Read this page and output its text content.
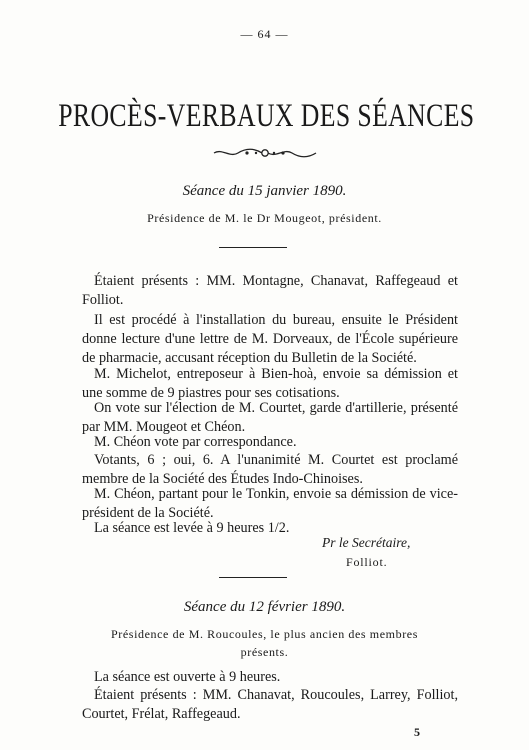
— 64 —
PROCÈS-VERBAUX DES SÉANCES
Séance du 15 janvier 1890.
Présidence de M. le Dr Mougeot, président.
Étaient présents : MM. Montagne, Chanavat, Raffegeaud et Folliot.
Il est procédé à l'installation du bureau, ensuite le Président donne lecture d'une lettre de M. Dorveaux, de l'École supérieure de pharmacie, accusant réception du Bulletin de la Société.
M. Michelot, entreposeur à Bien-hoà, envoie sa démission et une somme de 9 piastres pour ses cotisations.
On vote sur l'élection de M. Courtet, garde d'artillerie, présenté par MM. Mougeot et Chéon.
M. Chéon vote par correspondance.
Votants, 6 ; oui, 6. A l'unanimité M. Courtet est proclamé membre de la Société des Études Indo-Chinoises.
M. Chéon, partant pour le Tonkin, envoie sa démission de vice-président de la Société.
La séance est levée à 9 heures 1/2.
Pr le Secrétaire,
Folliot.
Séance du 12 février 1890.
Présidence de M. Roucoules, le plus ancien des membres
présents.
La séance est ouverte à 9 heures.
Étaient présents : MM. Chanavat, Roucoules, Larrey, Folliot, Courtet, Frélat, Raffegeaud.
5
